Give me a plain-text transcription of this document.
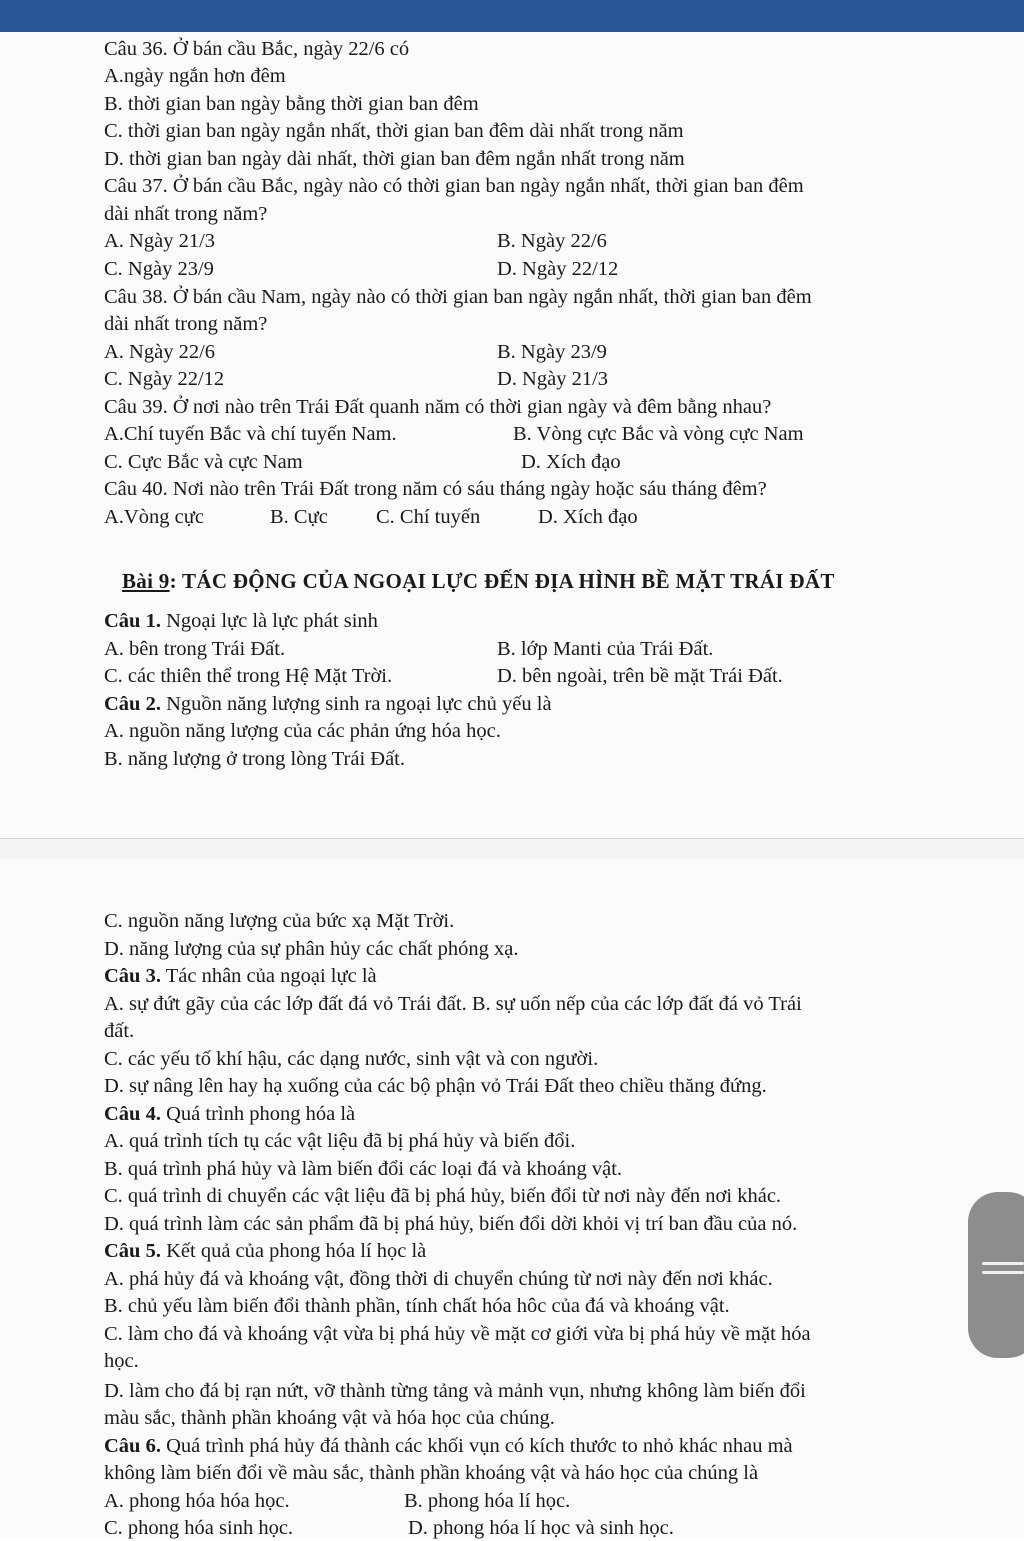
Câu 36. Ở bán cầu Bắc, ngày 22/6 có
A.ngày ngắn hơn đêm
B. thời gian ban ngày bằng thời gian ban đêm
C. thời gian ban ngày ngắn nhất, thời gian ban đêm dài nhất trong năm
D. thời gian ban ngày dài nhất, thời gian ban đêm ngắn nhất trong năm
Câu 37. Ở bán cầu Bắc, ngày nào có thời gian ban ngày ngắn nhất, thời gian ban đêm
dài nhất trong năm?
A. Ngày 21/3	B. Ngày 22/6
C. Ngày 23/9	D. Ngày 22/12
Câu 38. Ở bán cầu Nam, ngày nào có thời gian ban ngày ngắn nhất, thời gian ban đêm
dài nhất trong năm?
A. Ngày 22/6	B. Ngày 23/9
C. Ngày 22/12	D. Ngày 21/3
Câu 39. Ở nơi nào trên Trái Đất quanh năm có thời gian ngày và đêm bằng nhau?
A.Chí tuyến Bắc và chí tuyến Nam.	B. Vòng cực Bắc và vòng cực Nam
C. Cực Bắc và cực Nam	D. Xích đạo
Câu 40. Nơi nào trên Trái Đất trong năm có sáu tháng ngày hoặc sáu tháng đêm?
A.Vòng cực	B. Cực C. Chí tuyến	D. Xích đạo
Bài 9: TÁC ĐỘNG CỦA NGOẠI LỰC ĐẾN ĐỊA HÌNH BỀ MẶT TRÁI ĐẤT
Câu 1. Ngoại lực là lực phát sinh
A. bên trong Trái Đất.	B. lớp Manti của Trái Đất.
C. các thiên thể trong Hệ Mặt Trời.	D. bên ngoài, trên bề mặt Trái Đất.
Câu 2. Nguồn năng lượng sinh ra ngoại lực chủ yếu là
A. nguồn năng lượng của các phản ứng hóa học.
B. năng lượng ở trong lòng Trái Đất.
C. nguồn năng lượng của bức xạ Mặt Trời.
D. năng lượng của sự phân hủy các chất phóng xạ.
Câu 3. Tác nhân của ngoại lực là
A. sự đứt gãy của các lớp đất đá vỏ Trái đất. B. sự uốn nếp của các lớp đất đá vỏ Trái
đất.
C. các yếu tố khí hậu, các dạng nước, sinh vật và con người.
D. sự nâng lên hay hạ xuống của các bộ phận vỏ Trái Đất theo chiều thăng đứng.
Câu 4. Quá trình phong hóa là
A. quá trình tích tụ các vật liệu đã bị phá hủy và biến đổi.
B. quá trình phá hủy và làm biến đổi các loại đá và khoáng vật.
C. quá trình di chuyển các vật liệu đã bị phá hủy, biến đổi từ nơi này đến nơi khác.
D. quá trình làm các sản phẩm đã bị phá hủy, biến đổi dời khỏi vị trí ban đầu của nó.
Câu 5. Kết quả của phong hóa lí học là
A. phá hủy đá và khoáng vật, đồng thời di chuyển chúng từ nơi này đến nơi khác.
B. chủ yếu làm biến đổi thành phần, tính chất hóa hôc của đá và khoáng vật.
C. làm cho đá và khoáng vật vừa bị phá hủy về mặt cơ giới vừa bị phá hủy về mặt hóa
học.
D. làm cho đá bị rạn nứt, vỡ thành từng tảng và mảnh vụn, nhưng không làm biến đổi
màu sắc, thành phần khoáng vật và hóa học của chúng.
Câu 6. Quá trình phá hủy đá thành các khối vụn có kích thước to nhỏ khác nhau mà
không làm biến đổi về màu sắc, thành phần khoáng vật và háo học của chúng là
A. phong hóa hóa học.	B. phong hóa lí học.
C. phong hóa sinh học.	D. phong hóa lí học và sinh học.
